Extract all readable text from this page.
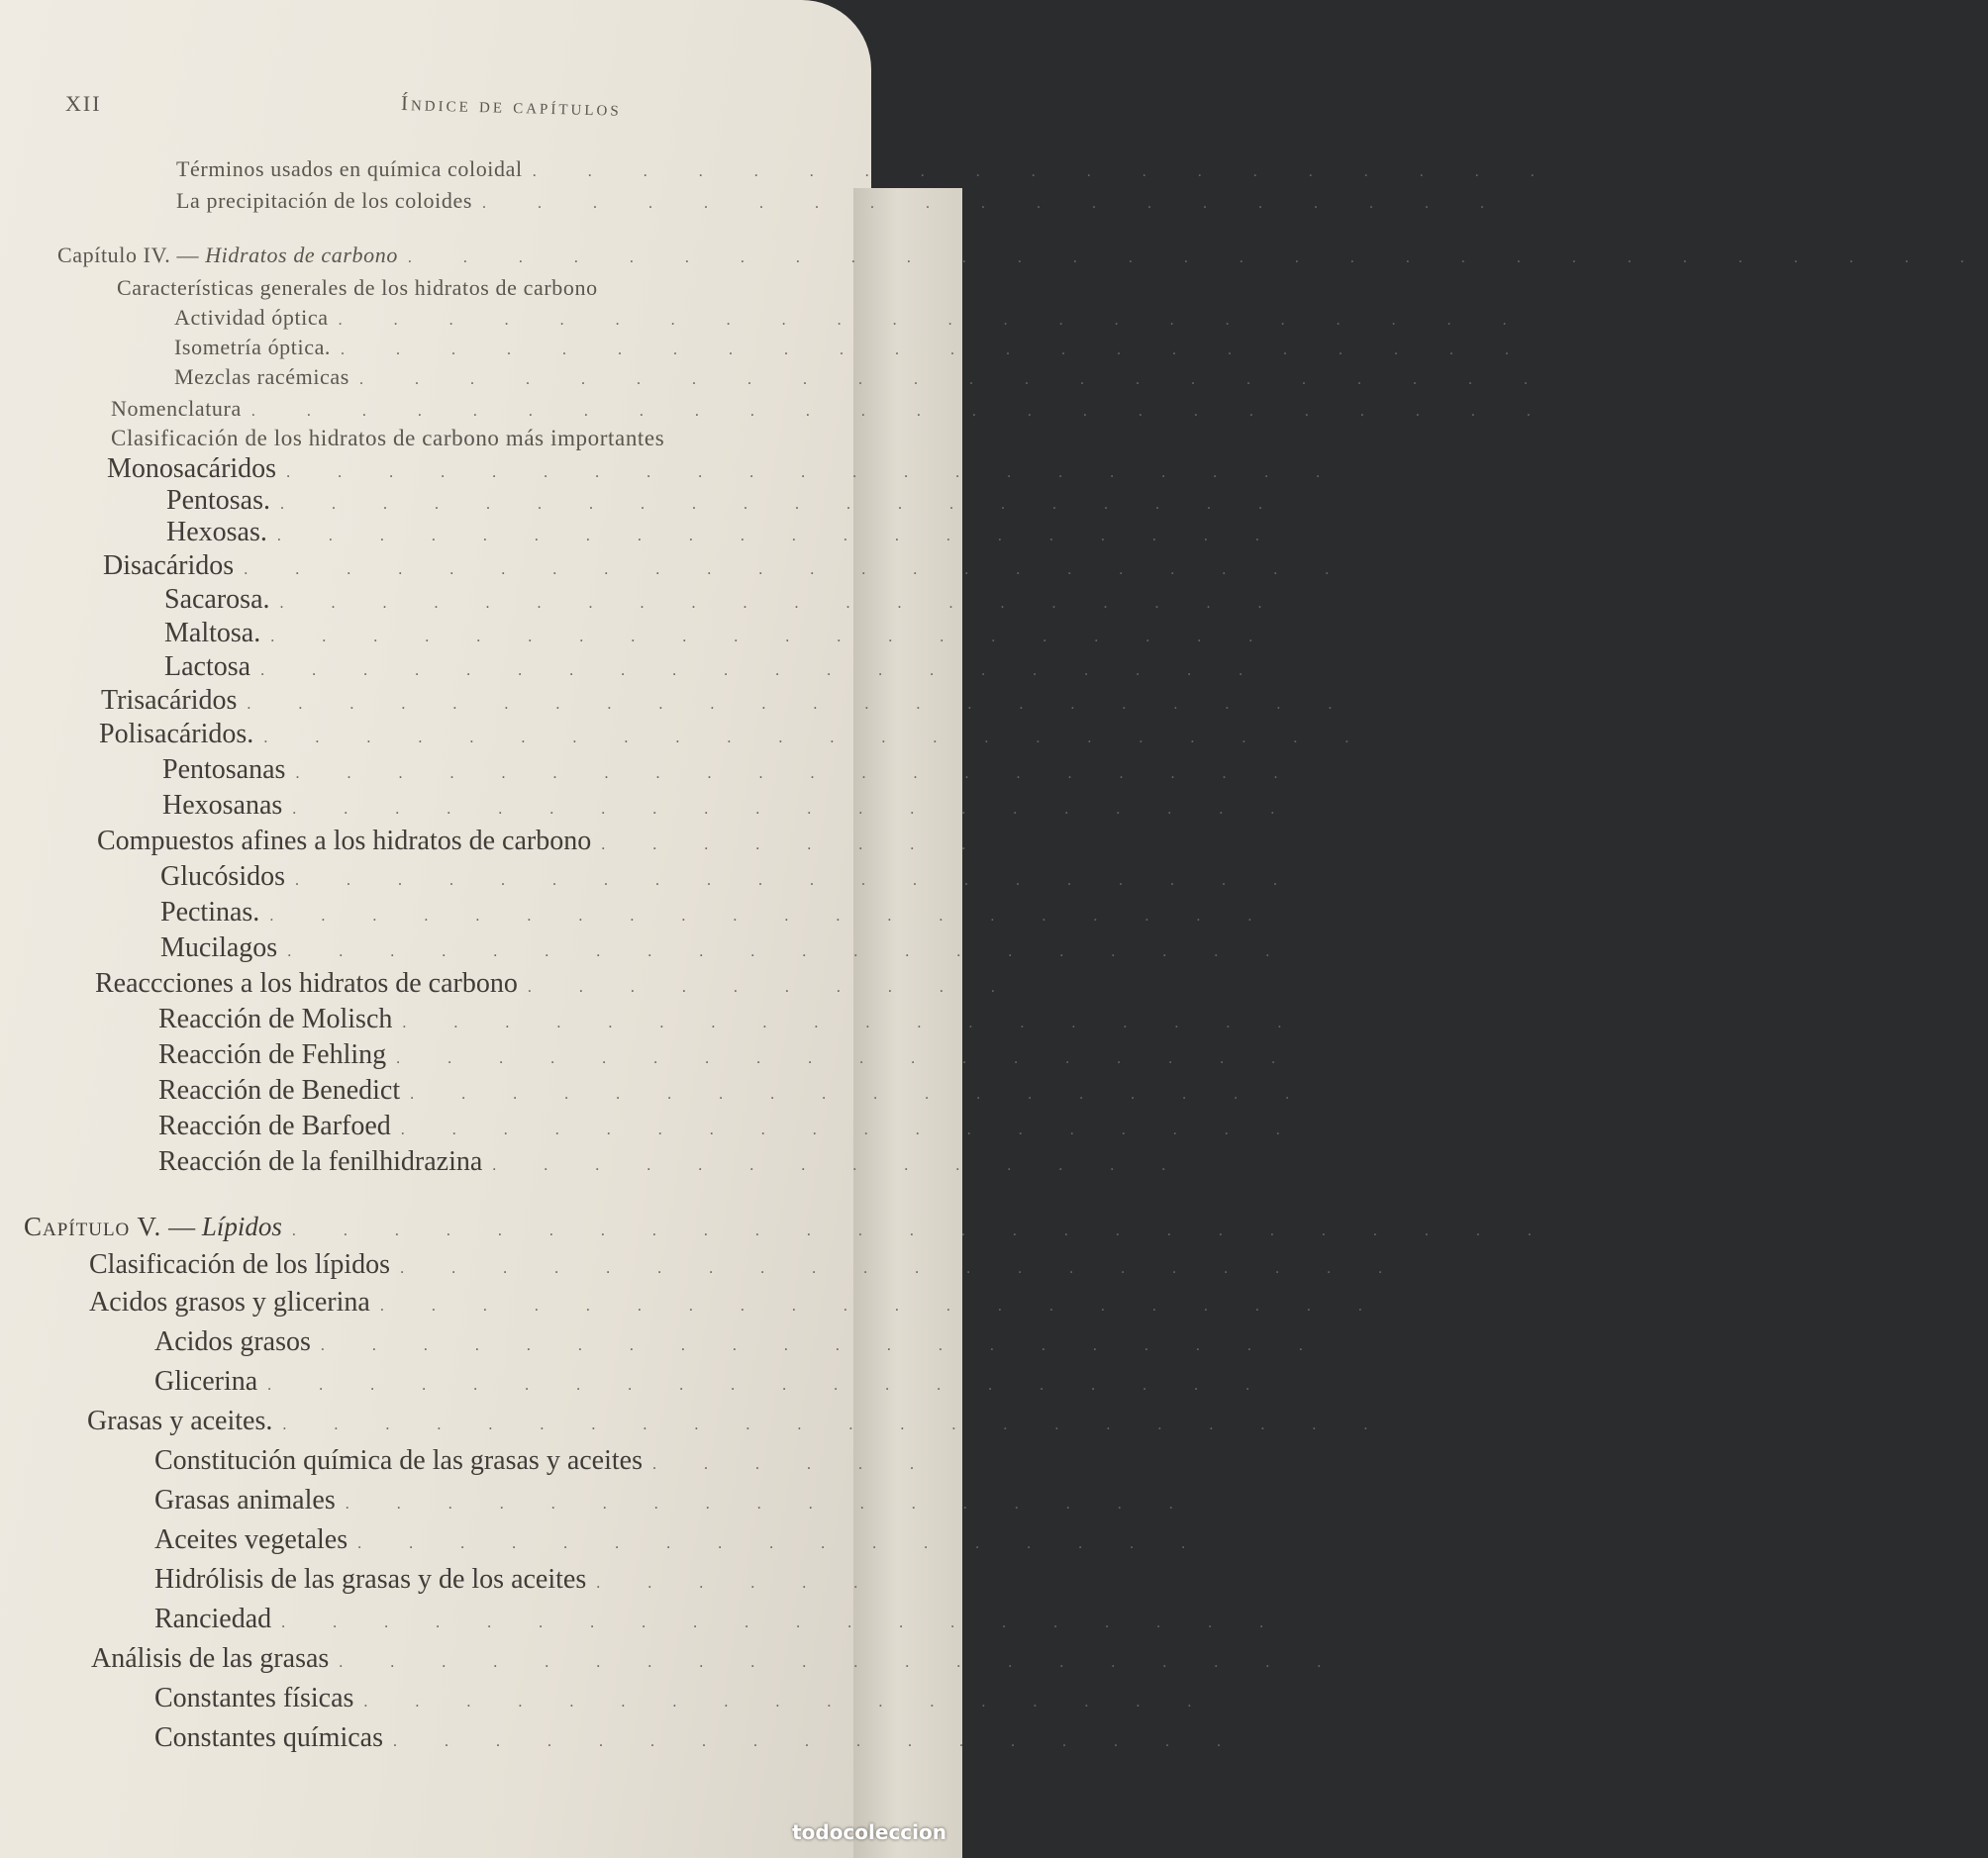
XII	Índice de capítulos
Términos usados en química coloidal . . . . . . . . . . . . . . . . . . .
La precipitación de los coloides . . . . . . . . . . . . . . . . . . .
Capítulo IV. — Hidratos de carbono . . . . . . . . . . . . . . . . . . . . . . . . . . . . .
Características generales de los hidratos de carbono
Actividad óptica . . . . . . . . . . . . . . . . . . . . . .
Isometría óptica. . . . . . . . . . . . . . . . . . . . . . .
Mezclas racémicas . . . . . . . . . . . . . . . . . . . . . .
Nomenclatura . . . . . . . . . . . . . . . . . . . . . . . .
Clasificación de los hidratos de carbono más importantes
Monosacáridos . . . . . . . . . . . . . . . . . . . . .
Pentosas. . . . . . . . . . . . . . . . . . . . .
Hexosas. . . . . . . . . . . . . . . . . . . . .
Disacáridos . . . . . . . . . . . . . . . . . . . . . .
Sacarosa. . . . . . . . . . . . . . . . . . . . .
Maltosa. . . . . . . . . . . . . . . . . . . . .
Lactosa . . . . . . . . . . . . . . . . . . . .
Trisacáridos . . . . . . . . . . . . . . . . . . . . . .
Polisacáridos. . . . . . . . . . . . . . . . . . . . . . .
Pentosanas . . . . . . . . . . . . . . . . . . . .
Hexosanas . . . . . . . . . . . . . . . . . . . .
Compuestos afines a los hidratos de carbono . . . . . . . .
Glucósidos . . . . . . . . . . . . . . . . . . . .
Pectinas. . . . . . . . . . . . . . . . . . . . .
Mucilagos . . . . . . . . . . . . . . . . . . . .
Reaccciones a los hidratos de carbono . . . . . . . . . .
Reacción de Molisch . . . . . . . . . . . . . . . . . .
Reacción de Fehling . . . . . . . . . . . . . . . . . .
Reacción de Benedict . . . . . . . . . . . . . . . . . .
Reacción de Barfoed . . . . . . . . . . . . . . . . . .
Reacción de la fenilhidrazina . . . . . . . . . . . . . .
Capítulo V. — Lípidos . . . . . . . . . . . . . . . . . . . . . . . . .
Clasificación de los lípidos . . . . . . . . . . . . . . . . . . . .
Acidos grasos y glicerina . . . . . . . . . . . . . . . . . . . .
Acidos grasos . . . . . . . . . . . . . . . . . . . .
Glicerina . . . . . . . . . . . . . . . . . . . .
Grasas y aceites. . . . . . . . . . . . . . . . . . . . . . .
Constitución química de las grasas y aceites . . . . . .
Grasas animales . . . . . . . . . . . . . . . . .
Aceites vegetales . . . . . . . . . . . . . . . . .
Hidrólisis de las grasas y de los aceites . . . . . .
Ranciedad . . . . . . . . . . . . . . . . . . . .
Análisis de las grasas . . . . . . . . . . . . . . . . . . . .
Constantes físicas . . . . . . . . . . . . . . . . .
Constantes químicas . . . . . . . . . . . . . . . . .
todocoleccion
